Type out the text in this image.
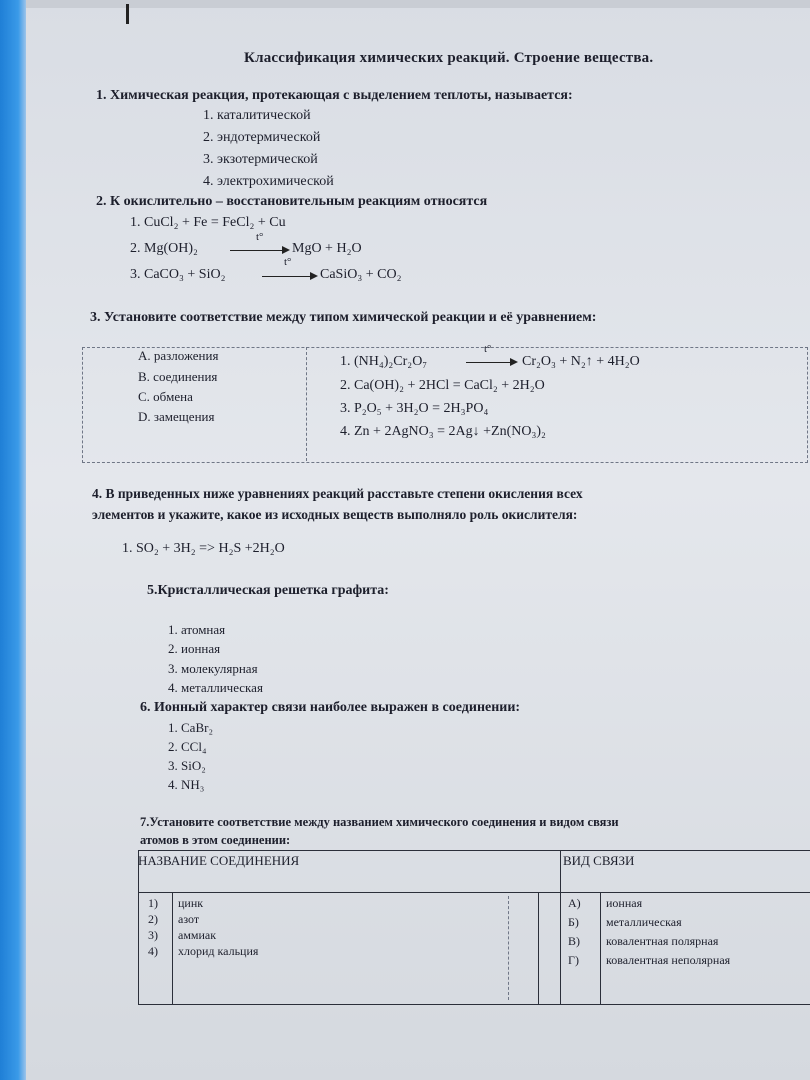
Классификация химических реакций. Строение вещества.
1. Химическая реакция, протекающая с выделением теплоты, называется:
1. каталитической
2. эндотермической
3. экзотермической
4. электрохимической
2. К окислительно – восстановительным реакциям относятся
1. CuCl₂ + Fe = FeCl₂ + Cu
2. Mg(OH)₂
t°
MgO + H₂O
3. CaCO₃ + SiO₂
t°
CaSiO₃ + CO₂
3. Установите соответствие между типом химической реакции и её уравнением:
A. разложения
B. соединения
C. обмена
D. замещения
1. (NH₄)₂Cr₂O₇
t°
Cr₂O₃ + N₂↑ + 4H₂O
2. Ca(OH)₂ + 2HCl = CaCl₂ + 2H₂O
3. P₂O₅ + 3H₂O = 2H₃PO₄
4. Zn + 2AgNO₃ = 2Ag↓ +Zn(NO₃)₂
4. В приведенных ниже уравнениях реакций расставьте степени окисления всех
элементов и укажите, какое из исходных веществ выполняло роль окислителя:
1. SO₂ + 3H₂ => H₂S +2H₂O
5.Кристаллическая решетка графита:
1. атомная
2. ионная
3. молекулярная
4. металлическая
6. Ионный характер связи наиболее выражен в соединении:
1. CaBr₂
2. CCl₄
3. SiO₂
4. NH₃
7.Установите соответствие между названием химического соединения и видом связи
атомов в этом соединении:
НАЗВАНИЕ СОЕДИНЕНИЯ	ВИД СВЯЗИ
1)
2)
3)
4)
цинк
азот
аммиак
хлорид кальция
А)
Б)
В)
Г)
ионная
металлическая
ковалентная полярная
ковалентная неполярная
